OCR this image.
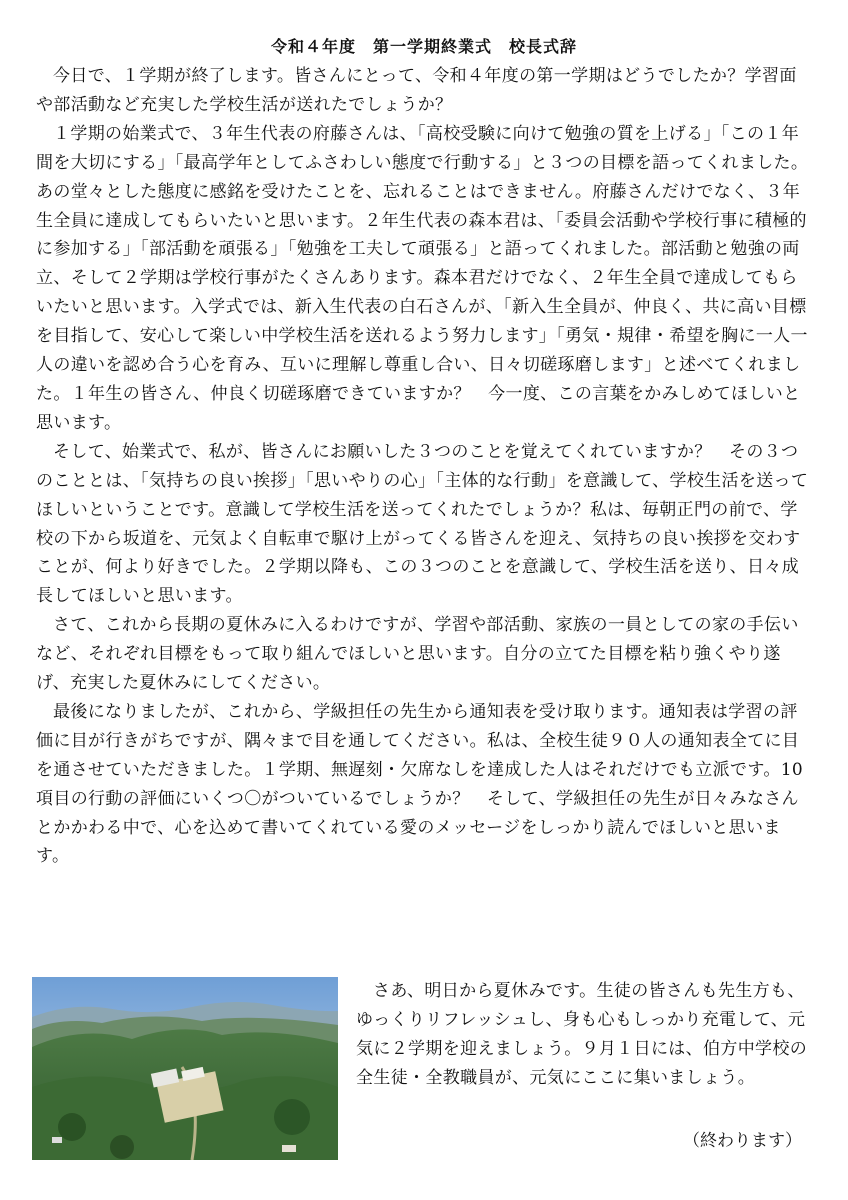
令和４年度　第一学期終業式　校長式辞

今日で、１学期が終了します。皆さんにとって、令和４年度の第一学期はどうでしたか？学習面や部活動など充実した学校生活が送れたでしょうか？

１学期の始業式で、３年生代表の府藤さんは、「高校受験に向けて勉強の質を上げる」「この１年間を大切にする」「最高学年としてふさわしい態度で行動する」と３つの目標を語ってくれました。あの堂々とした態度に感銘を受けたことを、忘れることはできません。府藤さんだけでなく、３年生全員に達成してもらいたいと思います。２年生代表の森本君は、「委員会活動や学校行事に積極的に参加する」「部活動を頑張る」「勉強を工夫して頑張る」と語ってくれました。部活動と勉強の両立、そして２学期は学校行事がたくさんあります。森本君だけでなく、２年生全員で達成してもらいたいと思います。入学式では、新入生代表の白石さんが、「新入生全員が、仲良く、共に高い目標を目指して、安心して楽しい中学校生活を送れるよう努力します」「勇気・規律・希望を胸に一人一人の違いを認め合う心を育み、互いに理解し尊重し合い、日々切磋琢磨します」と述べてくれました。１年生の皆さん、仲良く切磋琢磨できていますか？　今一度、この言葉をかみしめてほしいと思います。

そして、始業式で、私が、皆さんにお願いした３つのことを覚えてくれていますか？　その３つのこととは、「気持ちの良い挨拶」「思いやりの心」「主体的な行動」を意識して、学校生活を送ってほしいということです。意識して学校生活を送ってくれたでしょうか？私は、毎朝正門の前で、学校の下から坂道を、元気よく自転車で駆け上がってくる皆さんを迎え、気持ちの良い挨拶を交わすことが、何より好きでした。２学期以降も、この３つのことを意識して、学校生活を送り、日々成長してほしいと思います。

さて、これから長期の夏休みに入るわけですが、学習や部活動、家族の一員としての家の手伝いなど、それぞれ目標をもって取り組んでほしいと思います。自分の立てた目標を粘り強くやり遂げ、充実した夏休みにしてください。

最後になりましたが、これから、学級担任の先生から通知表を受け取ります。通知表は学習の評価に目が行きがちですが、隅々まで目を通してください。私は、全校生徒９０人の通知表全てに目を通させていただきました。１学期、無遅刻・欠席なしを達成した人はそれだけでも立派です。10項目の行動の評価にいくつ〇がついているでしょうか？　そして、学級担任の先生が日々みなさんとかかわる中で、心を込めて書いてくれている愛のメッセージをしっかり読んでほしいと思います。

さあ、明日から夏休みです。生徒の皆さんも先生方も、ゆっくりリフレッシュし、身も心もしっかり充電して、元気に２学期を迎えましょう。９月１日には、伯方中学校の全生徒・全教職員が、元気にここに集いましょう。

（終わります）
